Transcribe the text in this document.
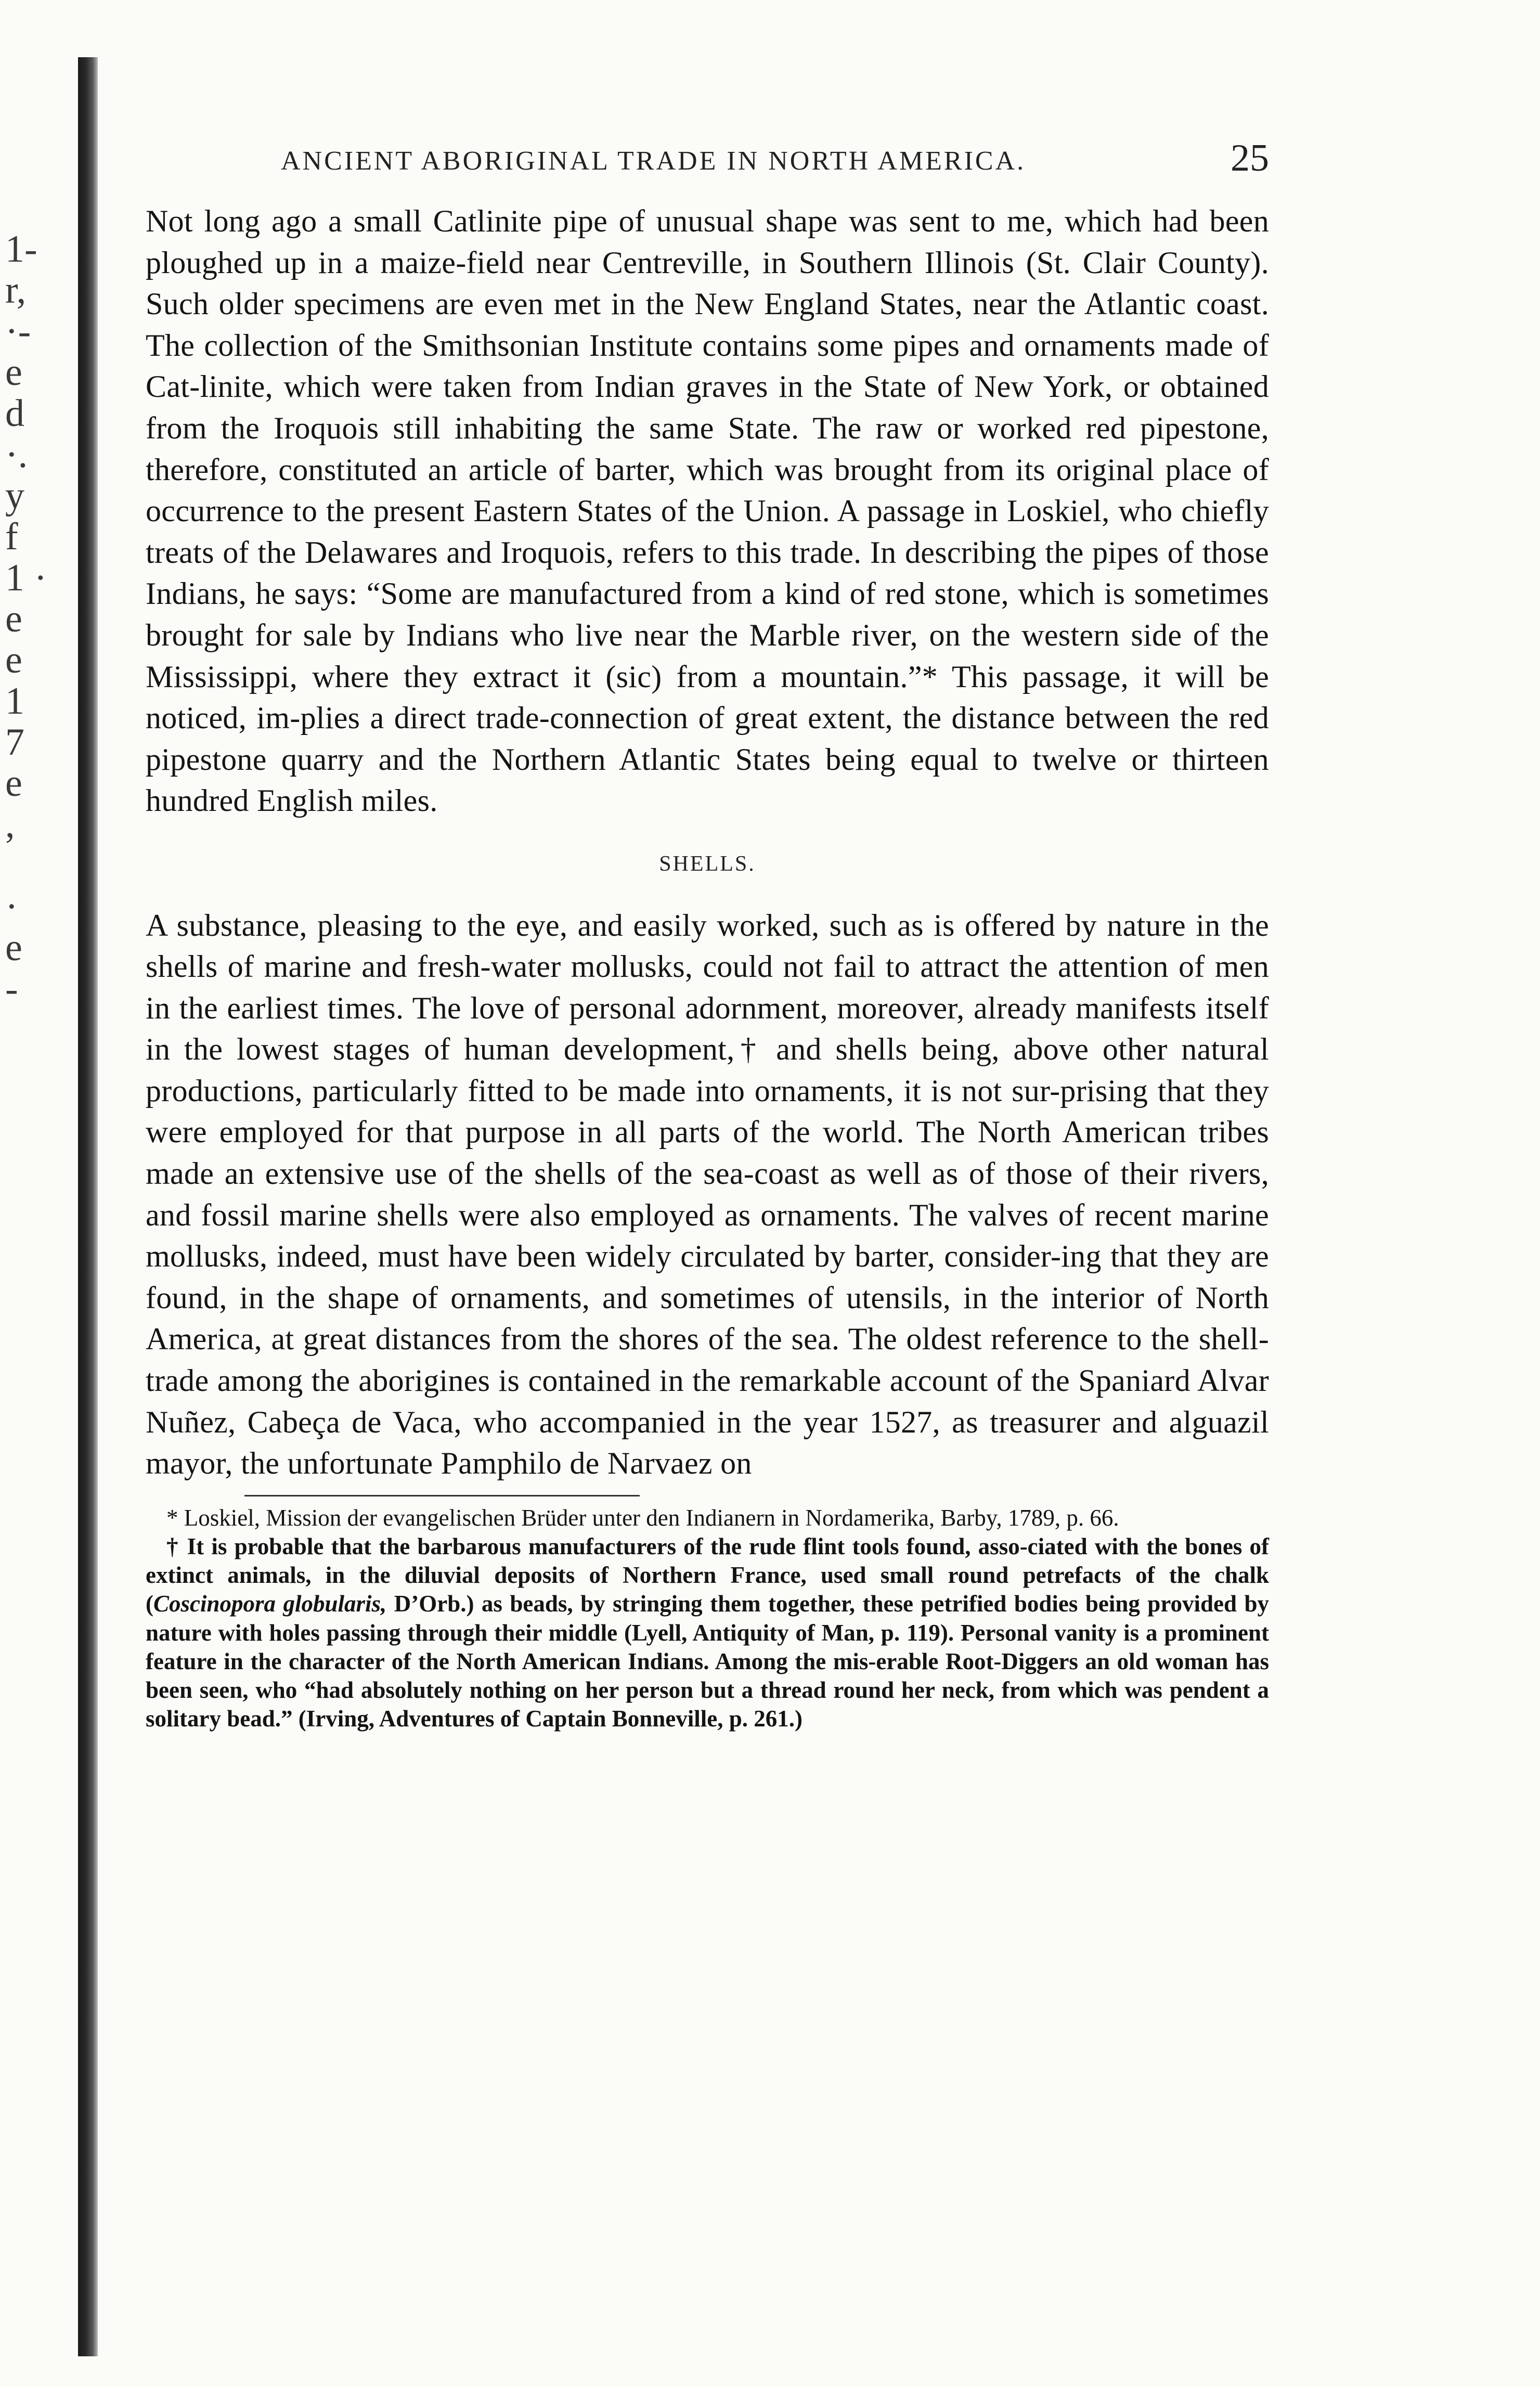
1-
r,
·-
e
d
·.
y
f
1 ·
e
e
1
7
e
,
·
e
-
ANCIENT ABORIGINAL TRADE IN NORTH AMERICA.	25

Not long ago a small Catlinite pipe of unusual shape was sent to me, which had been ploughed up in a maize-field near Centreville, in Southern Illinois (St. Clair County). Such older specimens are even met in the New England States, near the Atlantic coast. The collection of the Smithsonian Institute contains some pipes and ornaments made of Cat-linite, which were taken from Indian graves in the State of New York, or obtained from the Iroquois still inhabiting the same State. The raw or worked red pipestone, therefore, constituted an article of barter, which was brought from its original place of occurrence to the present Eastern States of the Union. A passage in Loskiel, who chiefly treats of the Delawares and Iroquois, refers to this trade. In describing the pipes of those Indians, he says: “Some are manufactured from a kind of red stone, which is sometimes brought for sale by Indians who live near the Marble river, on the western side of the Mississippi, where they extract it (sic) from a mountain.”* This passage, it will be noticed, im-plies a direct trade-connection of great extent, the distance between the red pipestone quarry and the Northern Atlantic States being equal to twelve or thirteen hundred English miles.

SHELLS.

A substance, pleasing to the eye, and easily worked, such as is offered by nature in the shells of marine and fresh-water mollusks, could not fail to attract the attention of men in the earliest times. The love of personal adornment, moreover, already manifests itself in the lowest stages of human development,† and shells being, above other natural productions, particularly fitted to be made into ornaments, it is not sur-prising that they were employed for that purpose in all parts of the world. The North American tribes made an extensive use of the shells of the sea-coast as well as of those of their rivers, and fossil marine shells were also employed as ornaments. The valves of recent marine mollusks, indeed, must have been widely circulated by barter, consider-ing that they are found, in the shape of ornaments, and sometimes of utensils, in the interior of North America, at great distances from the shores of the sea. The oldest reference to the shell-trade among the aborigines is contained in the remarkable account of the Spaniard Alvar Nuñez, Cabeça de Vaca, who accompanied in the year 1527, as treasurer and alguazil mayor, the unfortunate Pamphilo de Narvaez on

* Loskiel, Mission der evangelischen Brüder unter den Indianern in Nordamerika, Barby, 1789, p. 66.

† It is probable that the barbarous manufacturers of the rude flint tools found, asso-ciated with the bones of extinct animals, in the diluvial deposits of Northern France, used small round petrefacts of the chalk (Coscinopora globularis, D’Orb.) as beads, by stringing them together, these petrified bodies being provided by nature with holes passing through their middle (Lyell, Antiquity of Man, p. 119). Personal vanity is a prominent feature in the character of the North American Indians. Among the mis-erable Root-Diggers an old woman has been seen, who “had absolutely nothing on her person but a thread round her neck, from which was pendent a solitary bead.” (Irving, Adventures of Captain Bonneville, p. 261.)
